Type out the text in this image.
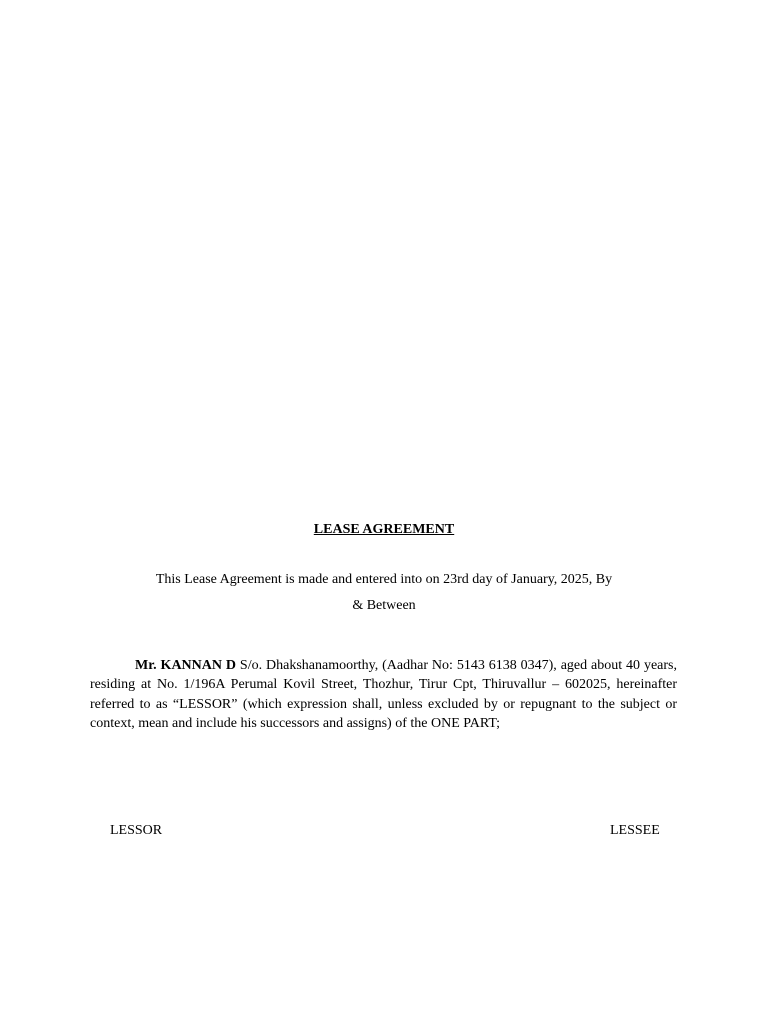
LEASE AGREEMENT
This Lease Agreement is made and entered into on 23rd day of January, 2025, By
& Between
Mr. KANNAN D S/o. Dhakshanamoorthy, (Aadhar No: 5143 6138 0347), aged about 40 years, residing at No. 1/196A Perumal Kovil Street, Thozhur, Tirur Cpt, Thiruvallur – 602025, hereinafter referred to as “LESSOR” (which expression shall, unless excluded by or repugnant to the subject or context, mean and include his successors and assigns) of the ONE PART;
LESSOR	LESSEE
